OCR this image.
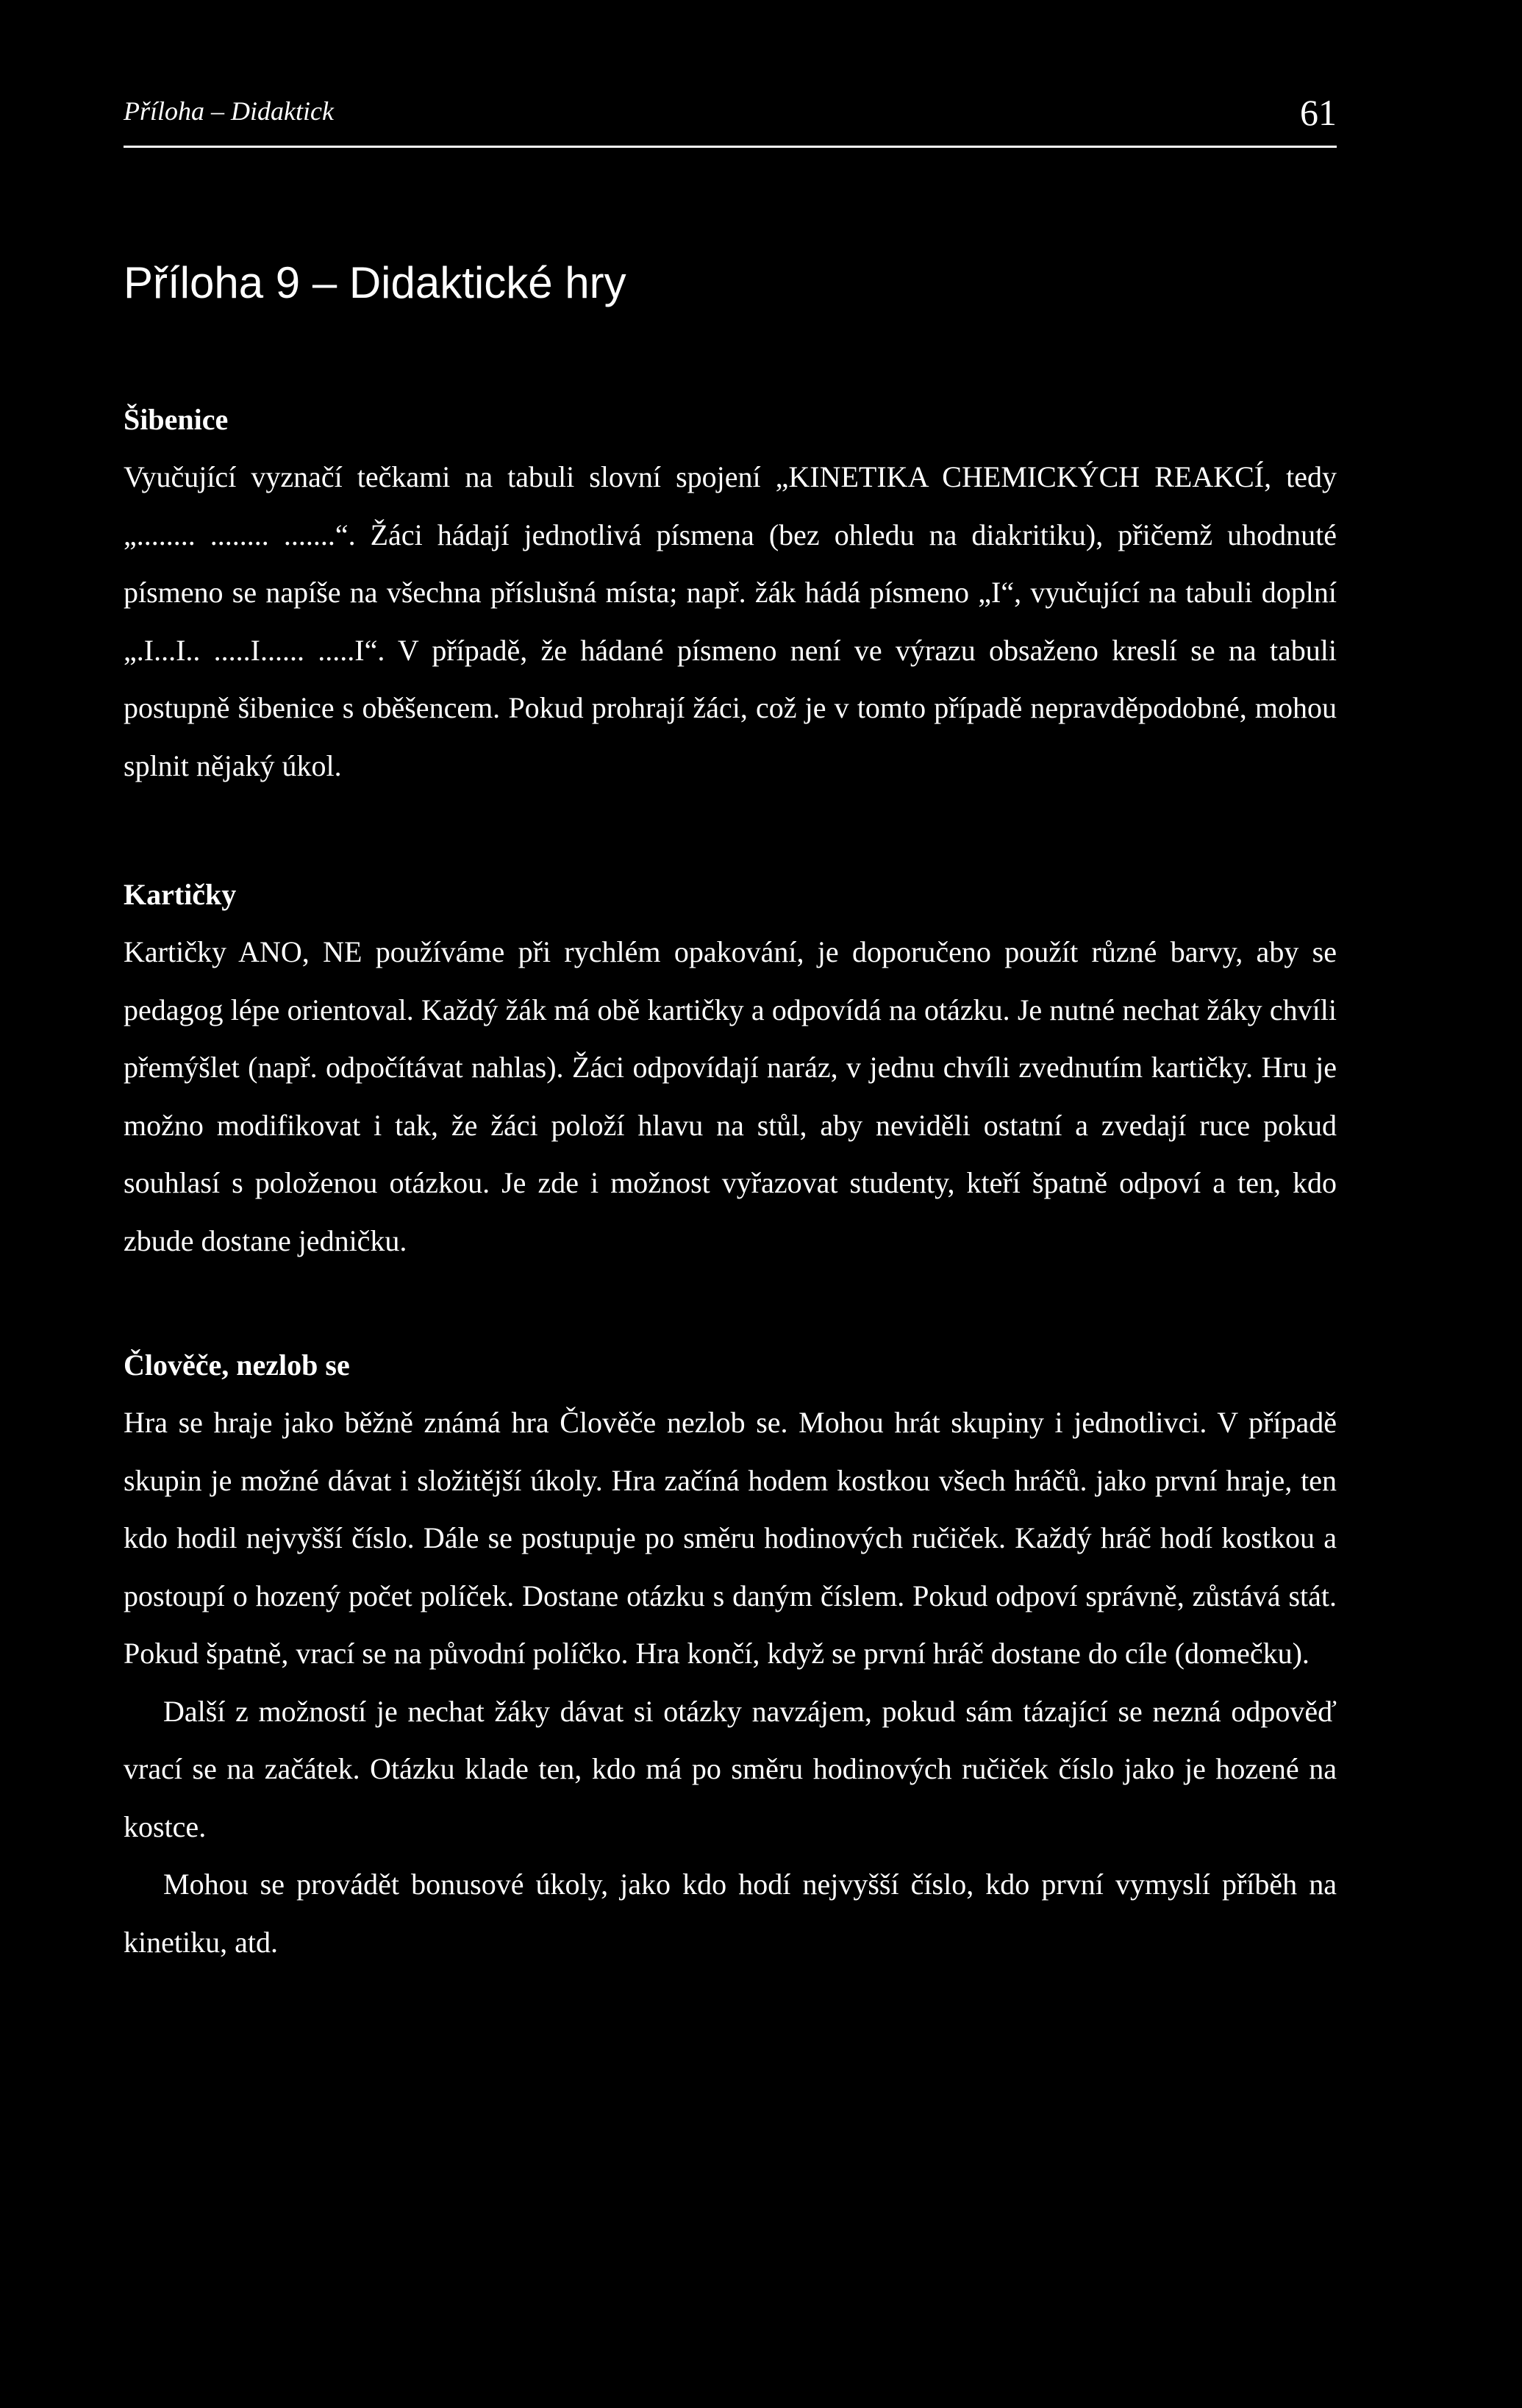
Příloha – Didaktick	61
Příloha 9 – Didaktické hry
Šibenice

Vyučující vyznačí tečkami na tabuli slovní spojení „KINETIKA CHEMICKÝCH REAKCÍ, tedy „........ ........ .......“. Žáci hádají jednotlivá písmena (bez ohledu na diakritiku), přičemž uhodnuté písmeno se napíše na všechna příslušná místa; např. žák hádá písmeno „I“, vyučující na tabuli doplní „.I...I.. .....I...... .....I“. V případě, že hádané písmeno není ve výrazu obsaženo kreslí se na tabuli postupně šibenice s oběšencem. Pokud prohrají žáci, což je v tomto případě nepravděpodobné, mohou splnit nějaký úkol.

Kartičky

Kartičky ANO, NE používáme při rychlém opakování, je doporučeno použít různé barvy, aby se pedagog lépe orientoval. Každý žák má obě kartičky a odpovídá na otázku. Je nutné nechat žáky chvíli přemýšlet (např. odpočítávat nahlas). Žáci odpovídají naráz, v jednu chvíli zvednutím kartičky. Hru je možno modifikovat i tak, že žáci položí hlavu na stůl, aby neviděli ostatní a zvedají ruce pokud souhlasí s položenou otázkou. Je zde i možnost vyřazovat studenty, kteří špatně odpoví a ten, kdo zbude dostane jedničku.

Člověče, nezlob se

Hra se hraje jako běžně známá hra Člověče nezlob se. Mohou hrát skupiny i jednotlivci. V případě skupin je možné dávat i složitější úkoly. Hra začíná hodem kostkou všech hráčů. jako první hraje, ten kdo hodil nejvyšší číslo. Dále se postupuje po směru hodinových ručiček. Každý hráč hodí kostkou a postoupí o hozený počet políček. Dostane otázku s daným číslem. Pokud odpoví správně, zůstává stát. Pokud špatně, vrací se na původní políčko. Hra končí, když se první hráč dostane do cíle (domečku).

Další z možností je nechat žáky dávat si otázky navzájem, pokud sám tázající se nezná odpověď vrací se na začátek. Otázku klade ten, kdo má po směru hodinových ručiček číslo jako je hozené na kostce.

Mohou se provádět bonusové úkoly, jako kdo hodí nejvyšší číslo, kdo první vymyslí příběh na kinetiku, atd.
